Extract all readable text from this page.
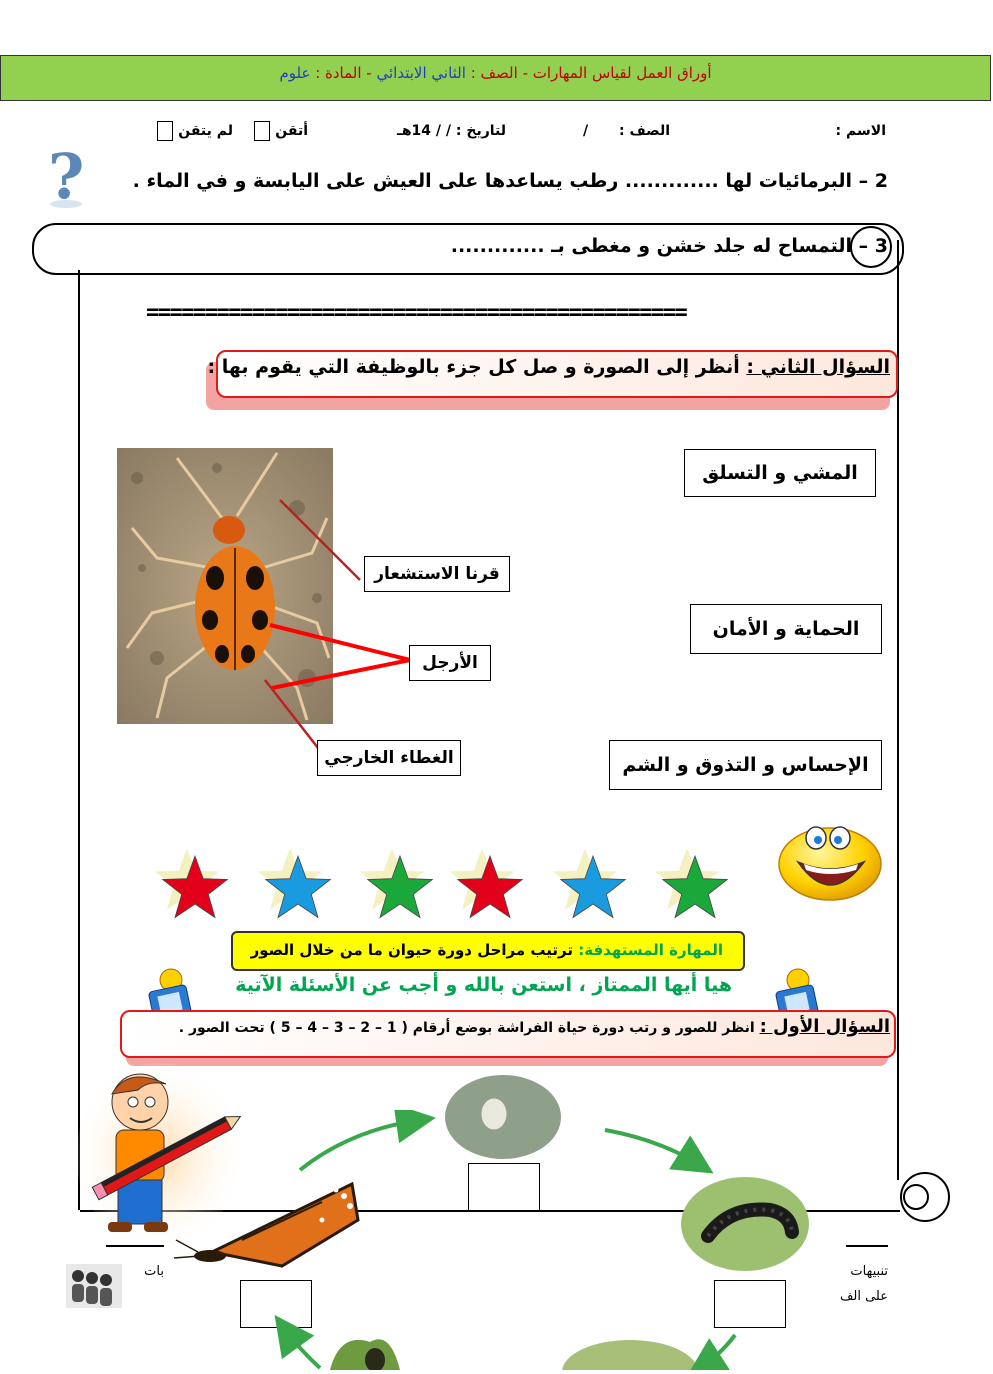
أوراق العمل لقياس المهارات - الصف : الثاني الابتدائي - المادة : علوم
الاسم :
الصف : /
لتاريخ : / / 14هـ
أتقن
لم يتقن
?	2 – البرمائيات لها ............. رطب يساعدها على العيش على اليابسة و في الماء .
3 – التمساح له جلد خشن و مغطى بـ .............
==============================================
السؤال الثاني : أنظر إلى الصورة و صل كل جزء بالوظيفة التي يقوم بها :
قرنا الاستشعار
الأرجل
الغطاء الخارجي
المشي و التسلق
الحماية و الأمان
الإحساس و التذوق و الشم
المهارة المستهدفة: ترتيب مراحل دورة حيوان ما من خلال الصور
هيا أيها الممتاز ، استعن بالله و أجب عن الأسئلة الآتية
السؤال الأول : انظر للصور و رتب دورة حياة الفراشة بوضع أرقام ( 1 – 2 – 3 – 4 – 5 ) تحت الصور .
تنبيهات
على الف
بات
